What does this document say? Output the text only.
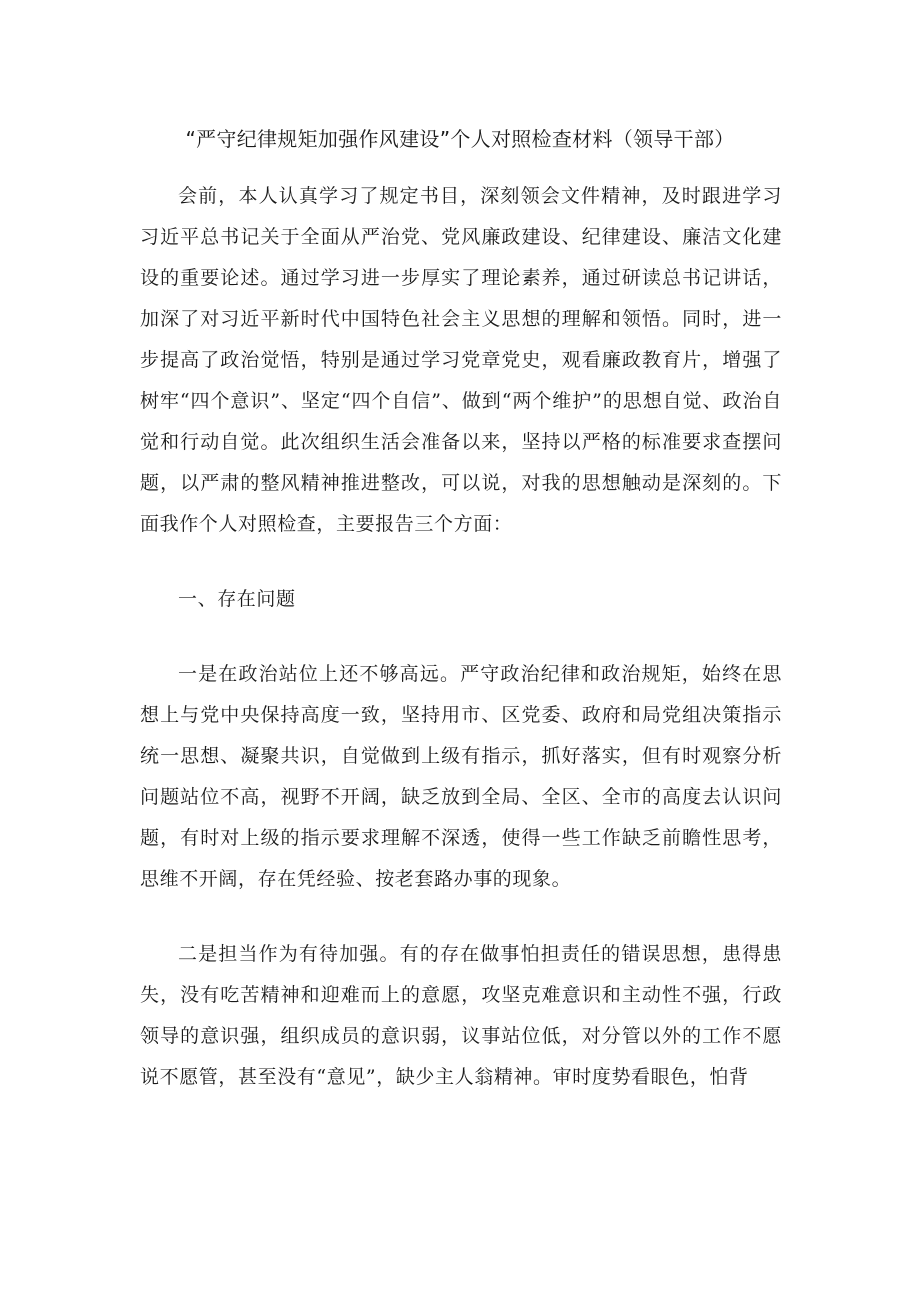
“严守纪律规矩加强作风建设”个人对照检查材料（领导干部）

会前，本人认真学习了规定书目，深刻领会文件精神，及时跟进学习习近平总书记关于全面从严治党、党风廉政建设、纪律建设、廉洁文化建设的重要论述。通过学习进一步厚实了理论素养，通过研读总书记讲话，加深了对习近平新时代中国特色社会主义思想的理解和领悟。同时，进一步提高了政治觉悟，特别是通过学习党章党史，观看廉政教育片，增强了树牢“四个意识”、坚定“四个自信”、做到“两个维护”的思想自觉、政治自觉和行动自觉。此次组织生活会准备以来，坚持以严格的标准要求查摆问题，以严肃的整风精神推进整改，可以说，对我的思想触动是深刻的。下面我作个人对照检查，主要报告三个方面：

一、存在问题

一是在政治站位上还不够高远。严守政治纪律和政治规矩，始终在思想上与党中央保持高度一致，坚持用市、区党委、政府和局党组决策指示统一思想、凝聚共识，自觉做到上级有指示，抓好落实，但有时观察分析问题站位不高，视野不开阔，缺乏放到全局、全区、全市的高度去认识问题，有时对上级的指示要求理解不深透，使得一些工作缺乏前瞻性思考，思维不开阔，存在凭经验、按老套路办事的现象。

二是担当作为有待加强。有的存在做事怕担责任的错误思想，患得患失，没有吃苦精神和迎难而上的意愿，攻坚克难意识和主动性不强，行政领导的意识强，组织成员的意识弱，议事站位低，对分管以外的工作不愿说不愿管，甚至没有“意见”，缺少主人翁精神。审时度势看眼色，怕背
